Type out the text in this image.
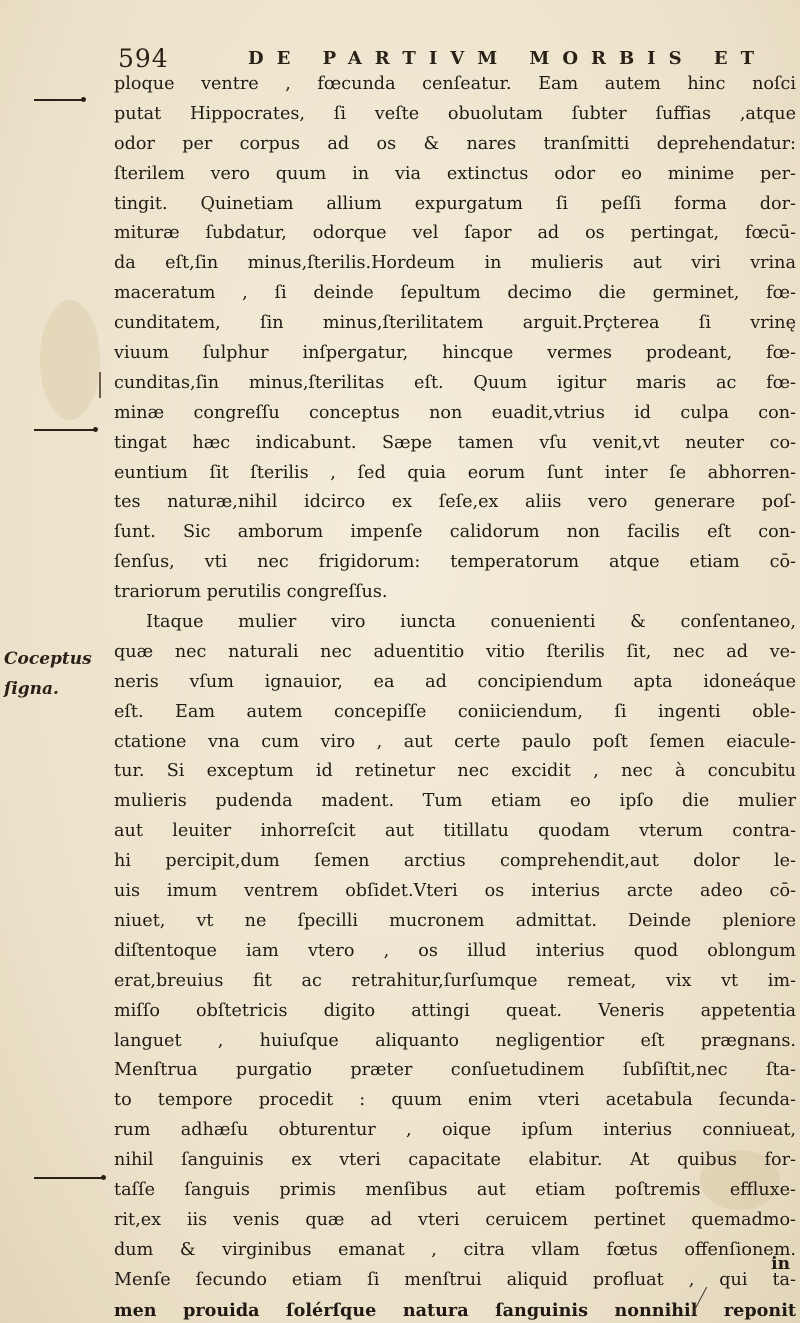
594	DE PARTIVM MORBIS ET
Coceptus
ſigna.
ploque ventre , fœcunda cenſeatur. Eam autem hinc noſci
putat Hippocrates, ſi veſte obuolutam ſubter ſuffias ,atque
odor per corpus ad os & nares tranſmitti deprehendatur:
ſterilem vero quum in via extinctus odor eo minime per-
tingit. Quinetiam allium expurgatum ſi peſſi forma dor-
mituræ ſubdatur, odorque vel ſapor ad os pertingat, fœcū-
da eſt,ſin minus,ſterilis.Hordeum in mulieris aut viri vrina
maceratum , ſi deinde ſepultum decimo die germinet, fœ-
cunditatem, ſin minus,ſterilitatem arguit.Prçterea ſi vrinę
viuum ſulphur inſpergatur, hincque vermes prodeant, fœ-
cunditas,ſin minus,ſterilitas eſt. Quum igitur maris ac fœ-
minæ congreſſu conceptus non euadit,vtrius id culpa con-
tingat hæc indicabunt. Sæpe tamen vſu venit,vt neuter co-
euntium ſit ſterilis , ſed quia eorum ſunt inter ſe abhorren-
tes naturæ,nihil idcirco ex ſeſe,ex aliis vero generare poſ-
ſunt. Sic amborum impenſe calidorum non facilis eſt con-
ſenſus, vti nec frigidorum: temperatorum atque etiam cō-
trariorum perutilis congreſſus.
Itaque mulier viro iuncta conuenienti & conſentaneo,
quæ nec naturali nec aduentitio vitio ſterilis ſit, nec ad ve-
neris vſum ignauior, ea ad concipiendum apta idoneáque
eſt. Eam autem concepiſſe coniiciendum, ſi ingenti oble-
ctatione vna cum viro , aut certe paulo poſt ſemen eiacule-
tur. Si exceptum id retinetur nec excidit , nec à concubitu
mulieris pudenda madent. Tum etiam eo ipſo die mulier
aut leuiter inhorreſcit aut titillatu quodam vterum contra-
hi percipit,dum ſemen arctius comprehendit,aut dolor le-
uis imum ventrem obſidet.Vteri os interius arcte adeo cō-
niuet, vt ne ſpecilli mucronem admittat. Deinde pleniore
diſtentoque iam vtero , os illud interius quod oblongum
erat,breuius fit ac retrahitur,ſurſumque remeat, vix vt im-
miſſo obſtetricis digito attingi queat. Veneris appetentia
languet , huiuſque aliquanto negligentior eſt prægnans.
Menſtrua purgatio præter conſuetudinem ſubſiſtit,nec ſta-
to tempore procedit : quum enim vteri acetabula ſecunda-
rum adhæſu obturentur , oique ipſum interius conniueat,
nihil ſanguinis ex vteri capacitate elabitur. At quibus for-
taſſe ſanguis primis menſibus aut etiam poſtremis effluxe-
rit,ex iis venis quæ ad vteri ceruicem pertinet quemadmo-
dum & virginibus emanat , citra vllam fœtus offenſionem.
Menſe ſecundo etiam ſi menſtrui aliquid profluat , qui ta-
men prouida ſolérſque natura ſanguinis nonnihil reponit
in
